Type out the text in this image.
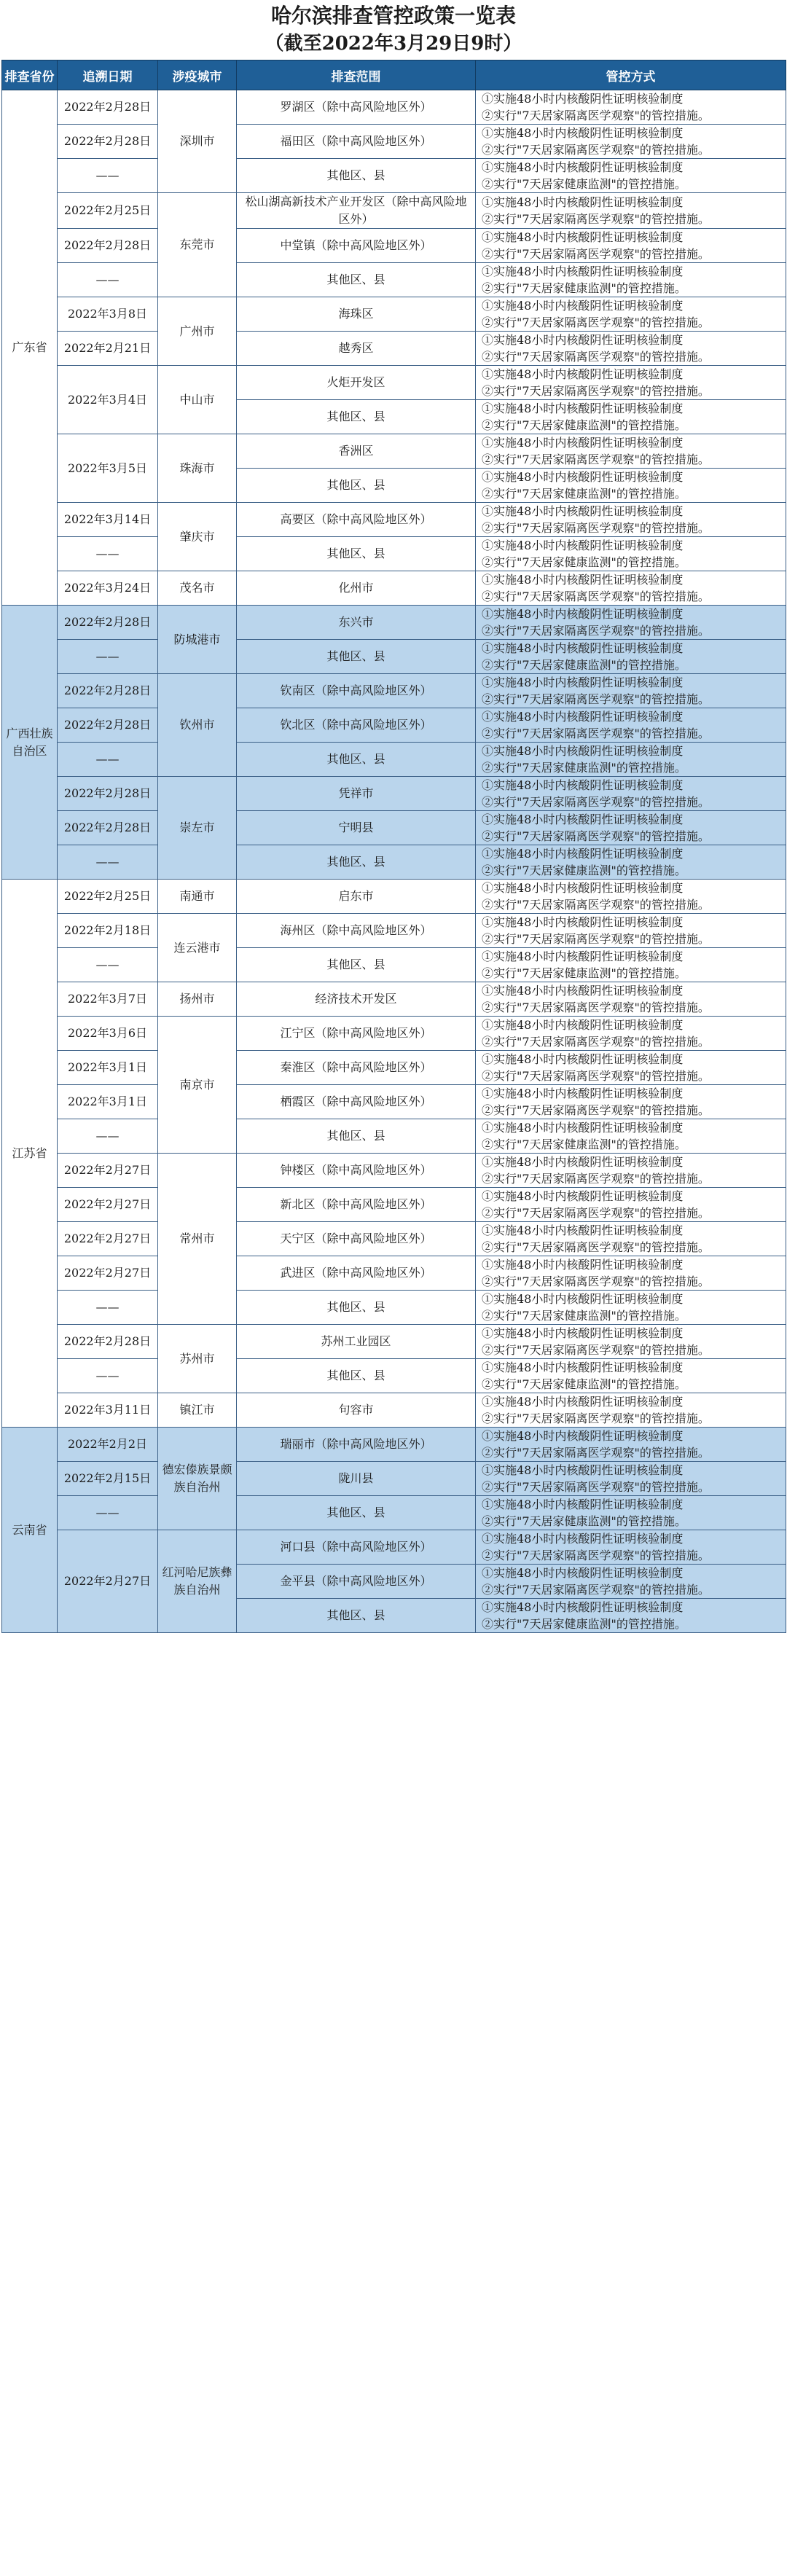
哈尔滨排查管控政策一览表
（截至2022年3月29日9时）
排查省份	追溯日期	涉疫城市	排查范围	管控方式
广东省	2022年2月28日	深圳市	罗湖区（除中高风险地区外）	①实施48小时内核酸阴性证明核验制度
②实行"7天居家隔离医学观察"的管控措施。
	2022年2月28日		福田区（除中高风险地区外）	①实施48小时内核酸阴性证明核验制度
②实行"7天居家隔离医学观察"的管控措施。
	——		其他区、县	①实施48小时内核酸阴性证明核验制度
②实行"7天居家健康监测"的管控措施。
	2022年2月25日	东莞市	松山湖高新技术产业开发区（除中高风险地区外）	①实施48小时内核酸阴性证明核验制度
②实行"7天居家隔离医学观察"的管控措施。
	2022年2月28日		中堂镇（除中高风险地区外）	①实施48小时内核酸阴性证明核验制度
②实行"7天居家隔离医学观察"的管控措施。
	——		其他区、县	①实施48小时内核酸阴性证明核验制度
②实行"7天居家健康监测"的管控措施。
	2022年3月8日	广州市	海珠区	①实施48小时内核酸阴性证明核验制度
②实行"7天居家隔离医学观察"的管控措施。
	2022年2月21日		越秀区	①实施48小时内核酸阴性证明核验制度
②实行"7天居家隔离医学观察"的管控措施。
	2022年3月4日	中山市	火炬开发区	①实施48小时内核酸阴性证明核验制度
②实行"7天居家隔离医学观察"的管控措施。
			其他区、县	①实施48小时内核酸阴性证明核验制度
②实行"7天居家健康监测"的管控措施。
	2022年3月5日	珠海市	香洲区	①实施48小时内核酸阴性证明核验制度
②实行"7天居家隔离医学观察"的管控措施。
			其他区、县	①实施48小时内核酸阴性证明核验制度
②实行"7天居家健康监测"的管控措施。
	2022年3月14日	肇庆市	高要区（除中高风险地区外）	①实施48小时内核酸阴性证明核验制度
②实行"7天居家隔离医学观察"的管控措施。
	——		其他区、县	①实施48小时内核酸阴性证明核验制度
②实行"7天居家健康监测"的管控措施。
	2022年3月24日	茂名市	化州市	①实施48小时内核酸阴性证明核验制度
②实行"7天居家隔离医学观察"的管控措施。
广西壮族自治区	2022年2月28日	防城港市	东兴市	①实施48小时内核酸阴性证明核验制度
②实行"7天居家隔离医学观察"的管控措施。
	——		其他区、县	①实施48小时内核酸阴性证明核验制度
②实行"7天居家健康监测"的管控措施。
	2022年2月28日	钦州市	钦南区（除中高风险地区外）	①实施48小时内核酸阴性证明核验制度
②实行"7天居家隔离医学观察"的管控措施。
	2022年2月28日		钦北区（除中高风险地区外）	①实施48小时内核酸阴性证明核验制度
②实行"7天居家隔离医学观察"的管控措施。
	——		其他区、县	①实施48小时内核酸阴性证明核验制度
②实行"7天居家健康监测"的管控措施。
	2022年2月28日	崇左市	凭祥市	①实施48小时内核酸阴性证明核验制度
②实行"7天居家隔离医学观察"的管控措施。
	2022年2月28日		宁明县	①实施48小时内核酸阴性证明核验制度
②实行"7天居家隔离医学观察"的管控措施。
	——		其他区、县	①实施48小时内核酸阴性证明核验制度
②实行"7天居家健康监测"的管控措施。
江苏省	2022年2月25日	南通市	启东市	①实施48小时内核酸阴性证明核验制度
②实行"7天居家隔离医学观察"的管控措施。
	2022年2月18日	连云港市	海州区（除中高风险地区外）	①实施48小时内核酸阴性证明核验制度
②实行"7天居家隔离医学观察"的管控措施。
	——		其他区、县	①实施48小时内核酸阴性证明核验制度
②实行"7天居家健康监测"的管控措施。
	2022年3月7日	扬州市	经济技术开发区	①实施48小时内核酸阴性证明核验制度
②实行"7天居家隔离医学观察"的管控措施。
	2022年3月6日	南京市	江宁区（除中高风险地区外）	①实施48小时内核酸阴性证明核验制度
②实行"7天居家隔离医学观察"的管控措施。
	2022年3月1日		秦淮区（除中高风险地区外）	①实施48小时内核酸阴性证明核验制度
②实行"7天居家隔离医学观察"的管控措施。
	2022年3月1日		栖霞区（除中高风险地区外）	①实施48小时内核酸阴性证明核验制度
②实行"7天居家隔离医学观察"的管控措施。
	——		其他区、县	①实施48小时内核酸阴性证明核验制度
②实行"7天居家健康监测"的管控措施。
	2022年2月27日	常州市	钟楼区（除中高风险地区外）	①实施48小时内核酸阴性证明核验制度
②实行"7天居家隔离医学观察"的管控措施。
	2022年2月27日		新北区（除中高风险地区外）	①实施48小时内核酸阴性证明核验制度
②实行"7天居家隔离医学观察"的管控措施。
	2022年2月27日		天宁区（除中高风险地区外）	①实施48小时内核酸阴性证明核验制度
②实行"7天居家隔离医学观察"的管控措施。
	2022年2月27日		武进区（除中高风险地区外）	①实施48小时内核酸阴性证明核验制度
②实行"7天居家隔离医学观察"的管控措施。
	——		其他区、县	①实施48小时内核酸阴性证明核验制度
②实行"7天居家健康监测"的管控措施。
	2022年2月28日	苏州市	苏州工业园区	①实施48小时内核酸阴性证明核验制度
②实行"7天居家隔离医学观察"的管控措施。
	——		其他区、县	①实施48小时内核酸阴性证明核验制度
②实行"7天居家健康监测"的管控措施。
	2022年3月11日	镇江市	句容市	①实施48小时内核酸阴性证明核验制度
②实行"7天居家隔离医学观察"的管控措施。
云南省	2022年2月2日	德宏傣族景颇族自治州	瑞丽市（除中高风险地区外）	①实施48小时内核酸阴性证明核验制度
②实行"7天居家隔离医学观察"的管控措施。
	2022年2月15日		陇川县	①实施48小时内核酸阴性证明核验制度
②实行"7天居家隔离医学观察"的管控措施。
	——		其他区、县	①实施48小时内核酸阴性证明核验制度
②实行"7天居家健康监测"的管控措施。
	2022年2月27日	红河哈尼族彝族自治州	河口县（除中高风险地区外）	①实施48小时内核酸阴性证明核验制度
②实行"7天居家隔离医学观察"的管控措施。
			金平县（除中高风险地区外）	①实施48小时内核酸阴性证明核验制度
②实行"7天居家隔离医学观察"的管控措施。
			其他区、县	①实施48小时内核酸阴性证明核验制度
②实行"7天居家健康监测"的管控措施。
